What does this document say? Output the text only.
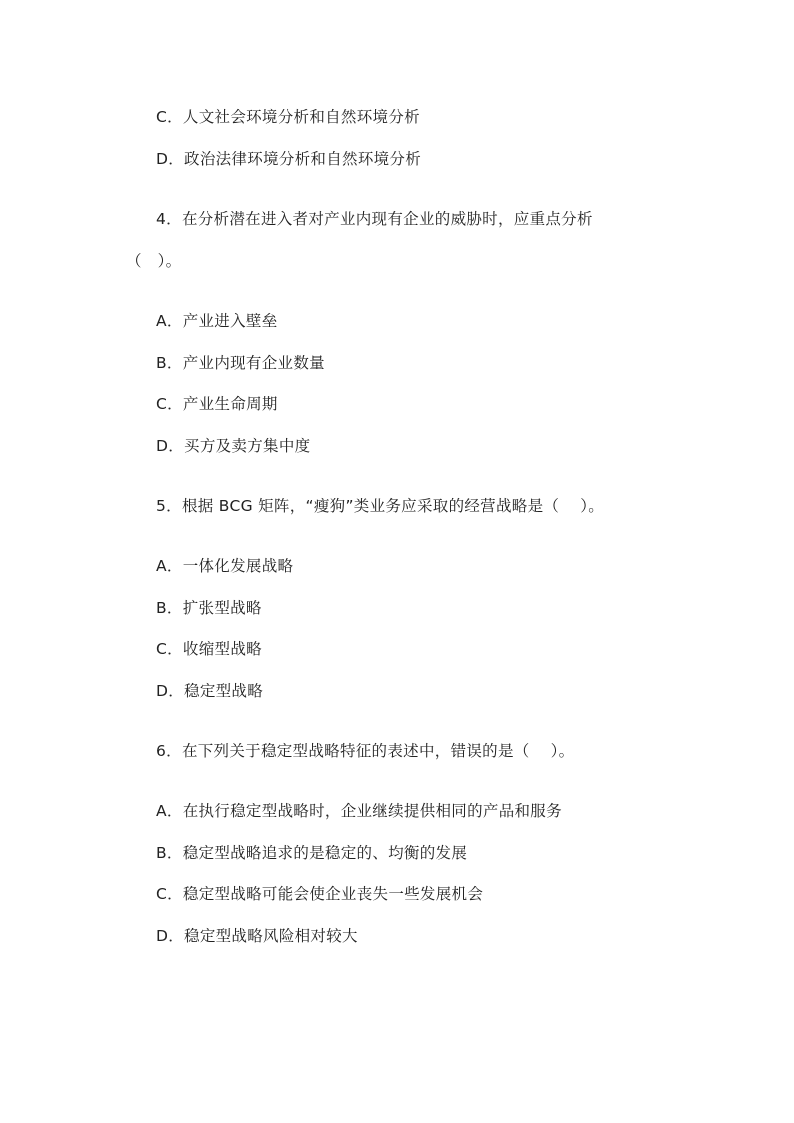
C．人文社会环境分析和自然环境分析
D．政治法律环境分析和自然环境分析
4．在分析潜在进入者对产业内现有企业的威胁时，应重点分析
（　）。
A．产业进入壁垒
B．产业内现有企业数量
C．产业生命周期
D．买方及卖方集中度
5．根据 BCG 矩阵，“瘦狗”类业务应采取的经营战略是（　 ）。
A．一体化发展战略
B．扩张型战略
C．收缩型战略
D．稳定型战略
6．在下列关于稳定型战略特征的表述中，错误的是（　 ）。
A．在执行稳定型战略时，企业继续提供相同的产品和服务
B．稳定型战略追求的是稳定的、均衡的发展
C．稳定型战略可能会使企业丧失一些发展机会
D．稳定型战略风险相对较大
